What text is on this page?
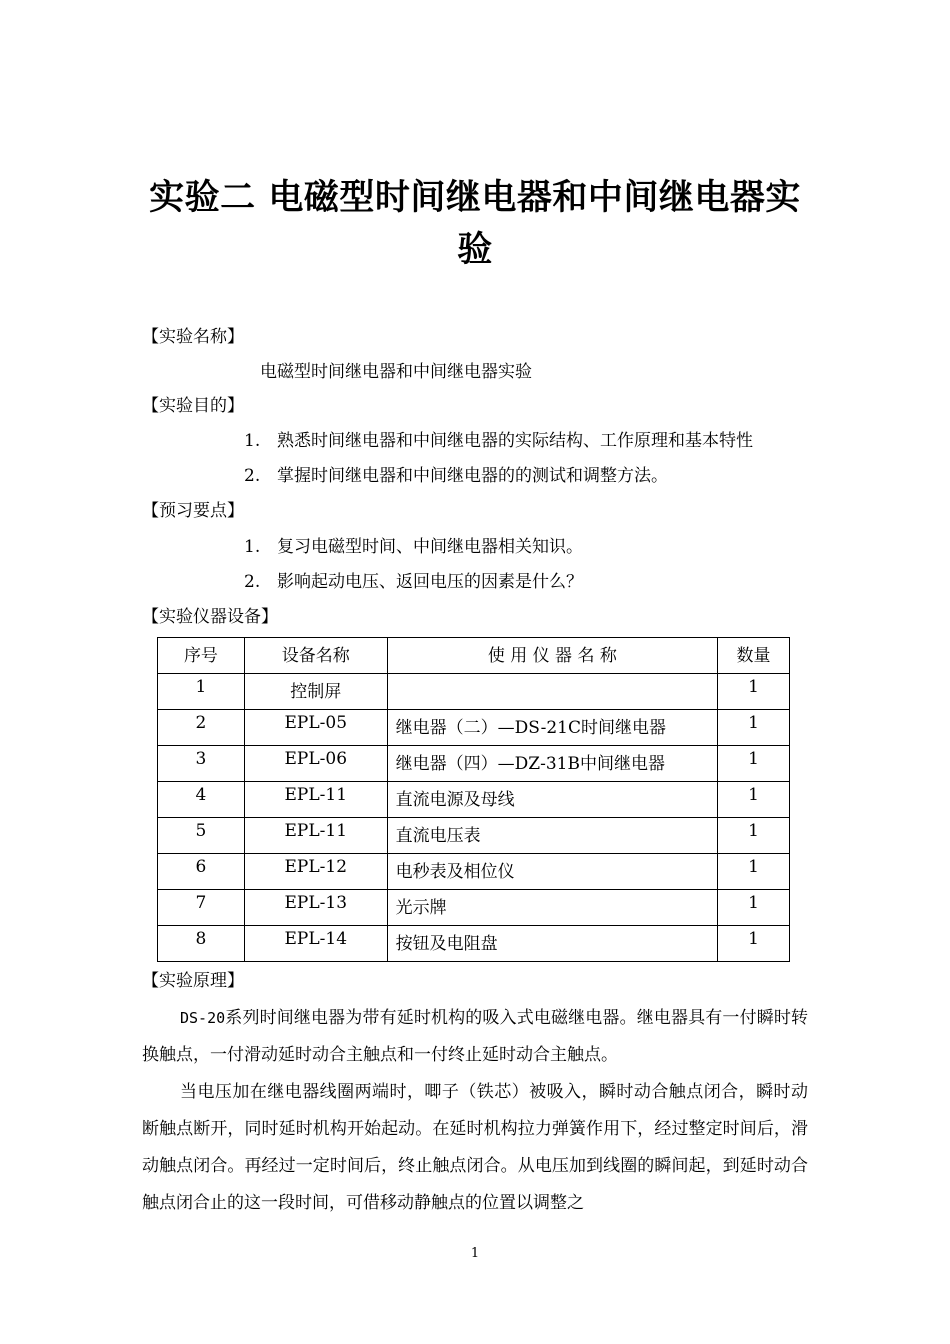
实验二 电磁型时间继电器和中间继电器实验
【实验名称】
电磁型时间继电器和中间继电器实验
【实验目的】
1. 熟悉时间继电器和中间继电器的实际结构、工作原理和基本特性
2. 掌握时间继电器和中间继电器的的测试和调整方法。
【预习要点】
1. 复习电磁型时间、中间继电器相关知识。
2. 影响起动电压、返回电压的因素是什么？
【实验仪器设备】
序号	设备名称	使 用 仪 器 名 称	数量
1	控制屏		1
2	EPL-05	继电器（二）—DS-21C时间继电器	1
3	EPL-06	继电器（四）—DZ-31B中间继电器	1
4	EPL-11	直流电源及母线	1
5	EPL-11	直流电压表	1
6	EPL-12	电秒表及相位仪	1
7	EPL-13	光示牌	1
8	EPL-14	按钮及电阻盘	1
【实验原理】
DS-20系列时间继电器为带有延时机构的吸入式电磁继电器。继电器具有一付瞬时转换触点，一付滑动延时动合主触点和一付终止延时动合主触点。
当电压加在继电器线圈两端时，唧子（铁芯）被吸入，瞬时动合触点闭合，瞬时动断触点断开，同时延时机构开始起动。在延时机构拉力弹簧作用下，经过整定时间后，滑动触点闭合。再经过一定时间后，终止触点闭合。从电压加到线圈的瞬间起，到延时动合触点闭合止的这一段时间，可借移动静触点的位置以调整之
1
